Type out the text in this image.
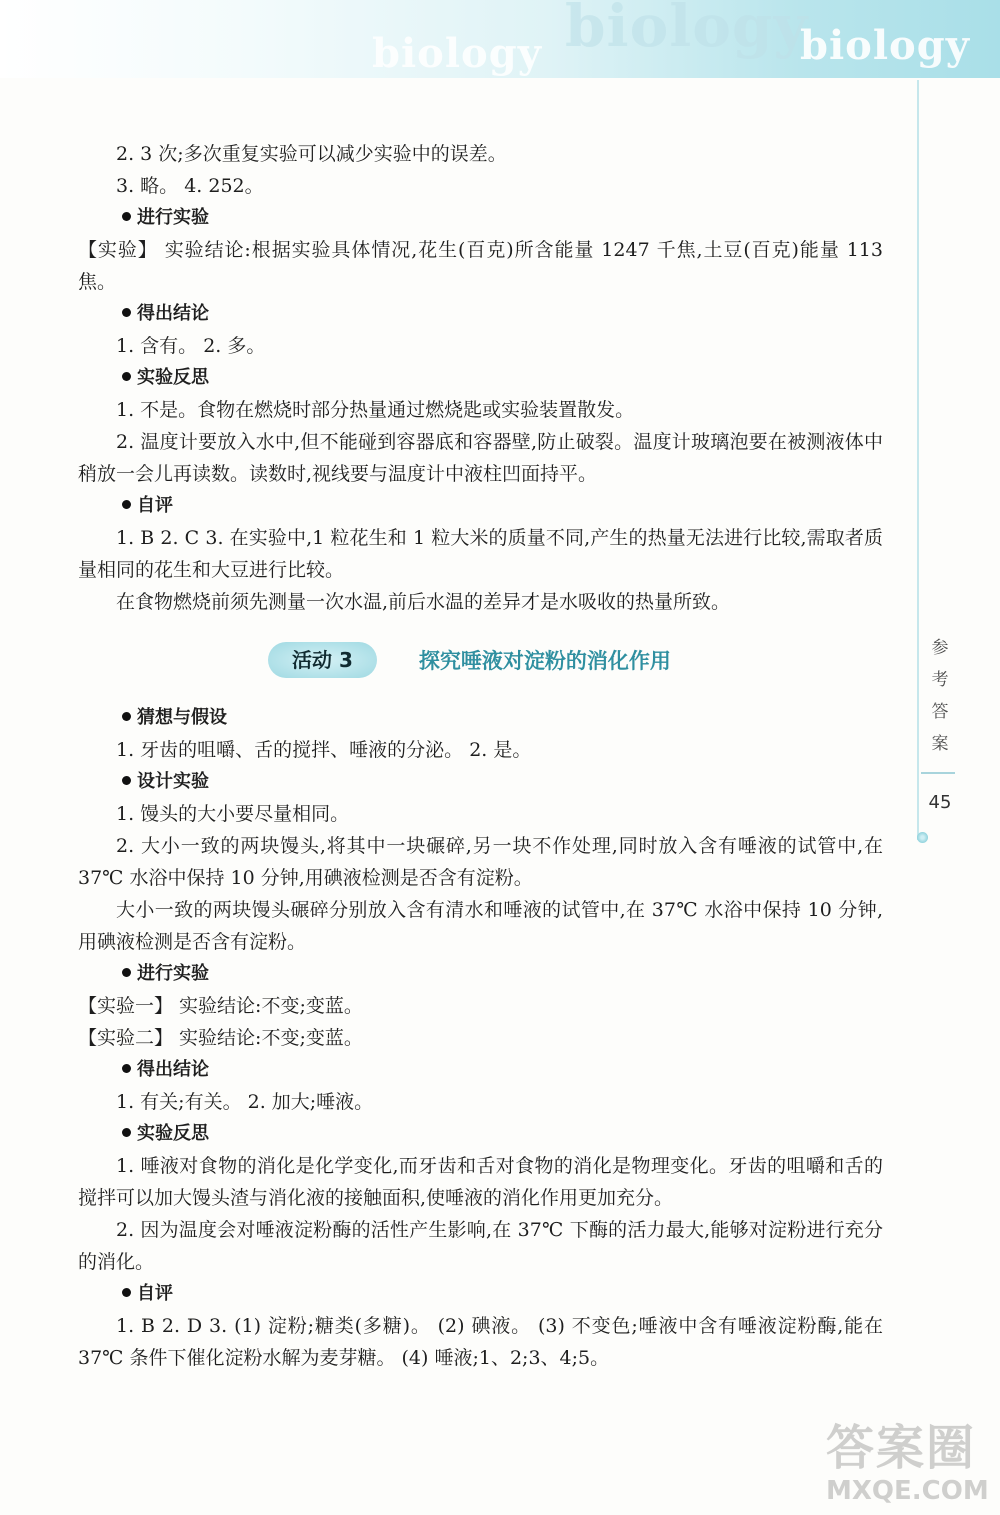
biology biology
biology
参
考
答
案
45

2. 3 次;多次重复实验可以减少实验中的误差。

3. 略。 4. 252。

进行实验

【实验】 实验结论:根据实验具体情况,花生(百克)所含能量 1247 千焦,土豆(百克)能量 113 焦。

得出结论

1. 含有。 2. 多。

实验反思

1. 不是。食物在燃烧时部分热量通过燃烧匙或实验装置散发。

2. 温度计要放入水中,但不能碰到容器底和容器壁,防止破裂。温度计玻璃泡要在被测液体中稍放一会儿再读数。读数时,视线要与温度计中液柱凹面持平。

自评

1. B 2. C 3. 在实验中,1 粒花生和 1 粒大米的质量不同,产生的热量无法进行比较,需取者质量相同的花生和大豆进行比较。

在食物燃烧前须先测量一次水温,前后水温的差异才是水吸收的热量所致。

活动 3	探究唾液对淀粉的消化作用

猜想与假设

1. 牙齿的咀嚼、舌的搅拌、唾液的分泌。 2. 是。

设计实验

1. 馒头的大小要尽量相同。

2. 大小一致的两块馒头,将其中一块碾碎,另一块不作处理,同时放入含有唾液的试管中,在 37℃ 水浴中保持 10 分钟,用碘液检测是否含有淀粉。

大小一致的两块馒头碾碎分别放入含有清水和唾液的试管中,在 37℃ 水浴中保持 10 分钟,用碘液检测是否含有淀粉。

进行实验

【实验一】 实验结论:不变;变蓝。

【实验二】 实验结论:不变;变蓝。

得出结论

1. 有关;有关。 2. 加大;唾液。

实验反思

1. 唾液对食物的消化是化学变化,而牙齿和舌对食物的消化是物理变化。牙齿的咀嚼和舌的搅拌可以加大馒头渣与消化液的接触面积,使唾液的消化作用更加充分。

2. 因为温度会对唾液淀粉酶的活性产生影响,在 37℃ 下酶的活力最大,能够对淀粉进行充分的消化。

自评

1. B 2. D 3. (1) 淀粉;糖类(多糖)。 (2) 碘液。 (3) 不变色;唾液中含有唾液淀粉酶,能在 37℃ 条件下催化淀粉水解为麦芽糖。 (4) 唾液;1、2;3、4;5。

答案圈
MXQE.COM
